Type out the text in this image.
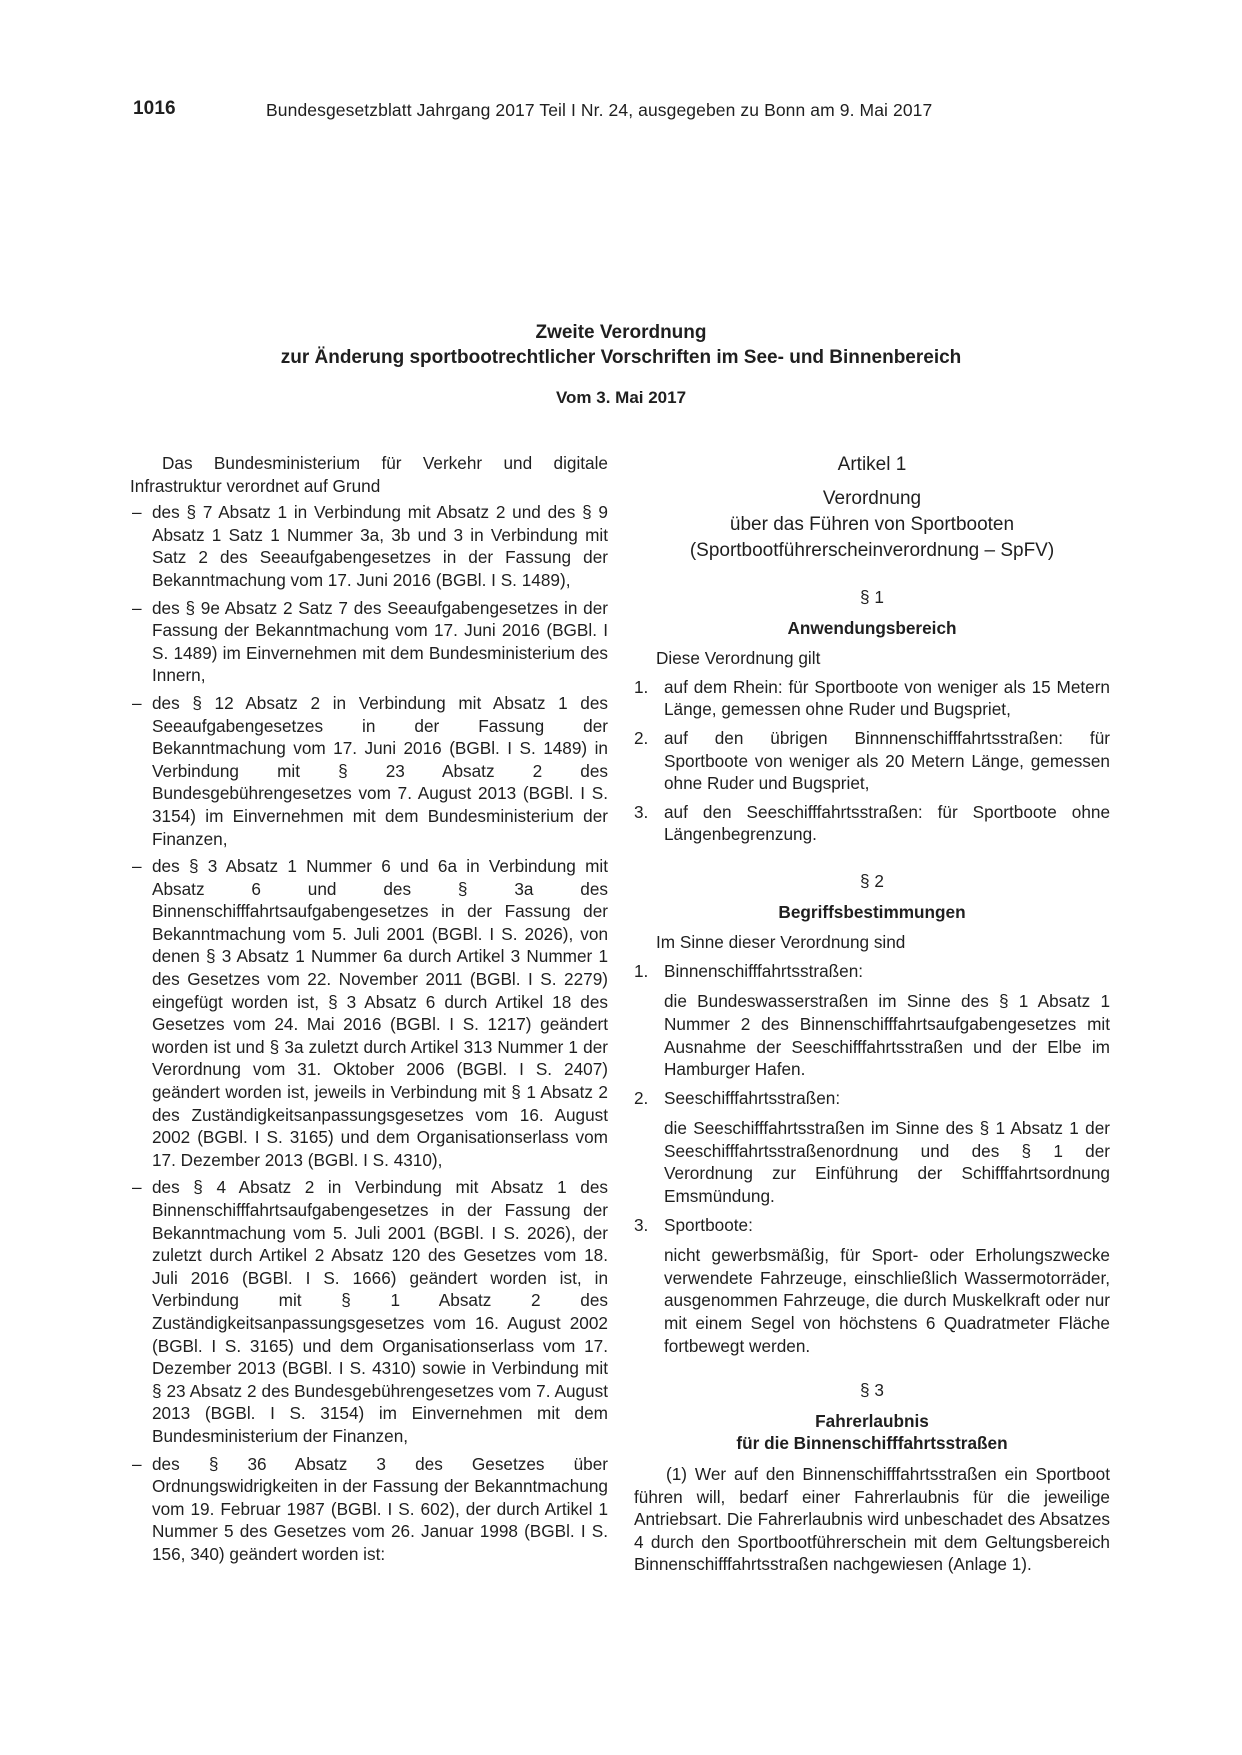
1016	Bundesgesetzblatt Jahrgang 2017 Teil I Nr. 24, ausgegeben zu Bonn am 9. Mai 2017
Zweite Verordnung
zur Änderung sportbootrechtlicher Vorschriften im See- und Binnenbereich
Vom 3. Mai 2017

Das Bundesministerium für Verkehr und digitale Infrastruktur verordnet auf Grund

– des § 7 Absatz 1 in Verbindung mit Absatz 2 und des § 9 Absatz 1 Satz 1 Nummer 3a, 3b und 3 in Verbindung mit Satz 2 des Seeaufgabengesetzes in der Fassung der Bekanntmachung vom 17. Juni 2016 (BGBl. I S. 1489),
– des § 9e Absatz 2 Satz 7 des Seeaufgabengesetzes in der Fassung der Bekanntmachung vom 17. Juni 2016 (BGBl. I S. 1489) im Einvernehmen mit dem Bundesministerium des Innern,
– des § 12 Absatz 2 in Verbindung mit Absatz 1 des Seeaufgabengesetzes in der Fassung der Bekanntmachung vom 17. Juni 2016 (BGBl. I S. 1489) in Verbindung mit § 23 Absatz 2 des Bundesgebührengesetzes vom 7. August 2013 (BGBl. I S. 3154) im Einvernehmen mit dem Bundesministerium der Finanzen,
– des § 3 Absatz 1 Nummer 6 und 6a in Verbindung mit Absatz 6 und des § 3a des Binnenschifffahrtsaufgabengesetzes in der Fassung der Bekanntmachung vom 5. Juli 2001 (BGBl. I S. 2026), von denen § 3 Absatz 1 Nummer 6a durch Artikel 3 Nummer 1 des Gesetzes vom 22. November 2011 (BGBl. I S. 2279) eingefügt worden ist, § 3 Absatz 6 durch Artikel 18 des Gesetzes vom 24. Mai 2016 (BGBl. I S. 1217) geändert worden ist und § 3a zuletzt durch Artikel 313 Nummer 1 der Verordnung vom 31. Oktober 2006 (BGBl. I S. 2407) geändert worden ist, jeweils in Verbindung mit § 1 Absatz 2 des Zuständigkeitsanpassungsgesetzes vom 16. August 2002 (BGBl. I S. 3165) und dem Organisationserlass vom 17. Dezember 2013 (BGBl. I S. 4310),
– des § 4 Absatz 2 in Verbindung mit Absatz 1 des Binnenschifffahrtsaufgabengesetzes in der Fassung der Bekanntmachung vom 5. Juli 2001 (BGBl. I S. 2026), der zuletzt durch Artikel 2 Absatz 120 des Gesetzes vom 18. Juli 2016 (BGBl. I S. 1666) geändert worden ist, in Verbindung mit § 1 Absatz 2 des Zuständigkeitsanpassungsgesetzes vom 16. August 2002 (BGBl. I S. 3165) und dem Organisationserlass vom 17. Dezember 2013 (BGBl. I S. 4310) sowie in Verbindung mit § 23 Absatz 2 des Bundesgebührengesetzes vom 7. August 2013 (BGBl. I S. 3154) im Einvernehmen mit dem Bundesministerium der Finanzen,
– des § 36 Absatz 3 des Gesetzes über Ordnungswidrigkeiten in der Fassung der Bekanntmachung vom 19. Februar 1987 (BGBl. I S. 602), der durch Artikel 1 Nummer 5 des Gesetzes vom 26. Januar 1998 (BGBl. I S. 156, 340) geändert worden ist:
Artikel 1
Verordnung
über das Führen von Sportbooten
(Sportbootführerscheinverordnung – SpFV)
§ 1
Anwendungsbereich

Diese Verordnung gilt

1. auf dem Rhein: für Sportboote von weniger als 15 Metern Länge, gemessen ohne Ruder und Bugspriet,
2. auf den übrigen Binnnenschifffahrtsstraßen: für Sportboote von weniger als 20 Metern Länge, gemessen ohne Ruder und Bugspriet,
3. auf den Seeschifffahrtsstraßen: für Sportboote ohne Längenbegrenzung.
§ 2
Begriffsbestimmungen

Im Sinne dieser Verordnung sind

1. Binnenschifffahrtsstraßen:

die Bundeswasserstraßen im Sinne des § 1 Absatz 1 Nummer 2 des Binnenschifffahrtsaufgabengesetzes mit Ausnahme der Seeschifffahrtsstraßen und der Elbe im Hamburger Hafen.

2. Seeschifffahrtsstraßen:

die Seeschifffahrtsstraßen im Sinne des § 1 Absatz 1 der Seeschifffahrtsstraßenordnung und des § 1 der Verordnung zur Einführung der Schifffahrtsordnung Emsmündung.

3. Sportboote:

nicht gewerbsmäßig, für Sport- oder Erholungszwecke verwendete Fahrzeuge, einschließlich Wassermotorräder, ausgenommen Fahrzeuge, die durch Muskelkraft oder nur mit einem Segel von höchstens 6 Quadratmeter Fläche fortbewegt werden.

§ 3
Fahrerlaubnis
für die Binnenschifffahrtsstraßen

(1) Wer auf den Binnenschifffahrtsstraßen ein Sportboot führen will, bedarf einer Fahrerlaubnis für die jeweilige Antriebsart. Die Fahrerlaubnis wird unbeschadet des Absatzes 4 durch den Sportbootführerschein mit dem Geltungsbereich Binnenschifffahrtsstraßen nachgewiesen (Anlage 1).
